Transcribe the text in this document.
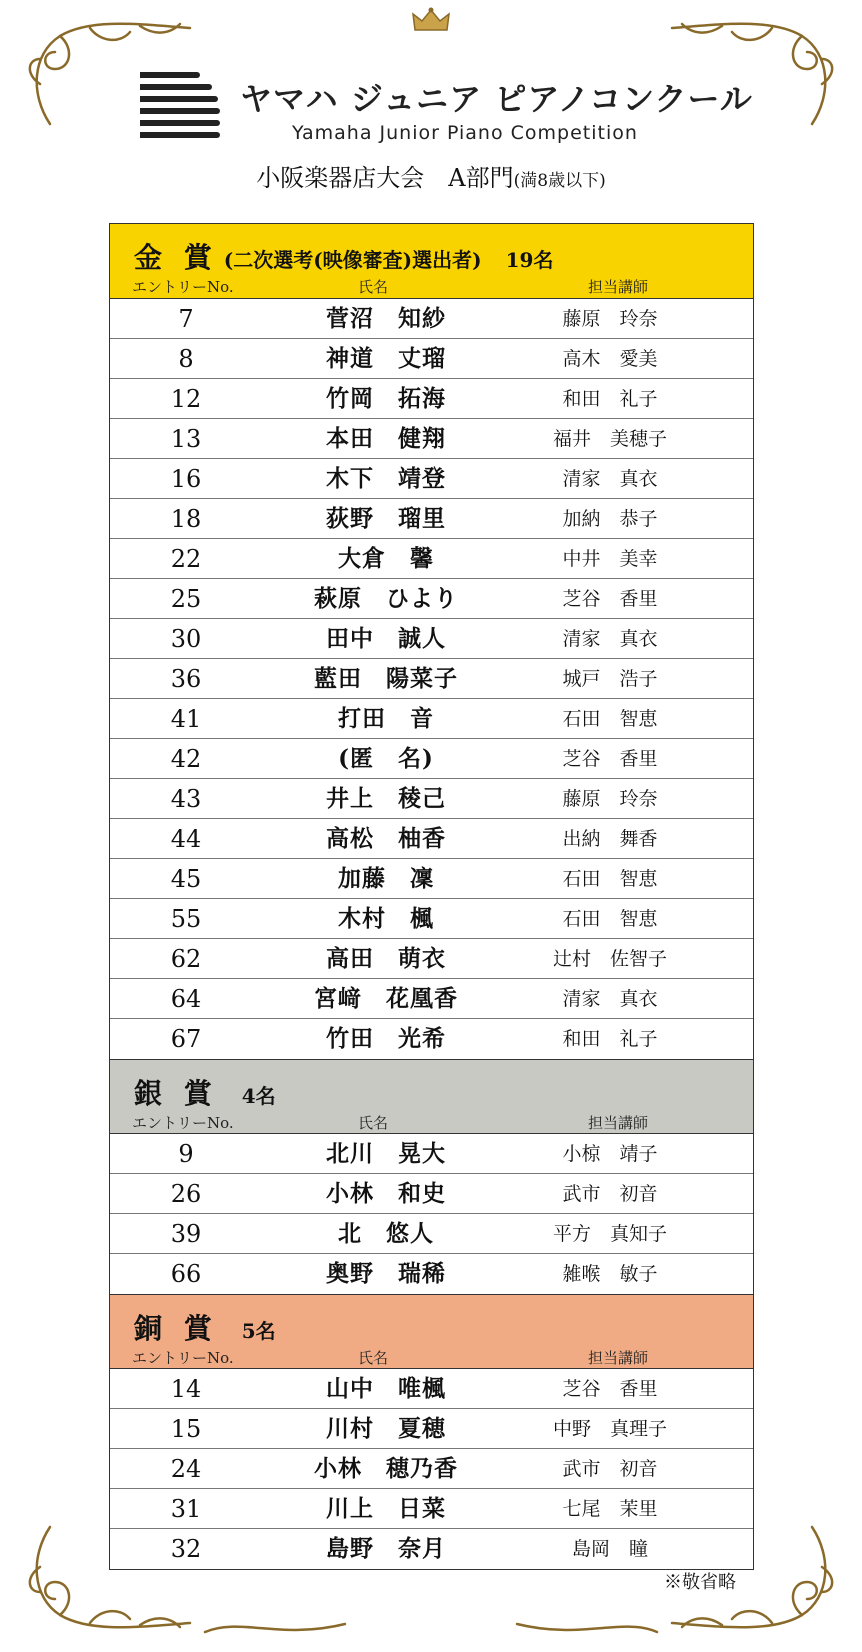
ヤマハ ジュニア ピアノコンクール
Yamaha Junior Piano Competition
小阪楽器店大会　A部門(満8歳以下)
金 賞 (二次選考(映像審査)選出者) 19名
エントリーNo.	氏名	担当講師
7	菅沼　知紗	藤原　玲奈
8	神道　丈瑠	高木　愛美
12	竹岡　拓海	和田　礼子
13	本田　健翔	福井　美穂子
16	木下　靖登	清家　真衣
18	荻野　瑠里	加納　恭子
22	大倉　馨	中井　美幸
25	萩原　ひより	芝谷　香里
30	田中　誠人	清家　真衣
36	藍田　陽菜子	城戸　浩子
41	打田　音	石田　智恵
42	(匿　名)	芝谷　香里
43	井上　稜己	藤原　玲奈
44	高松　柚香	出納　舞香
45	加藤　凜	石田　智恵
55	木村　楓	石田　智恵
62	高田　萌衣	辻村　佐智子
64	宮﨑　花凰香	清家　真衣
67	竹田　光希	和田　礼子
銀 賞 4名
エントリーNo.	氏名	担当講師
9	北川　晃大	小椋　靖子
26	小林　和史	武市　初音
39	北　悠人	平方　真知子
66	奥野　瑞稀	雑喉　敏子
銅 賞 5名
エントリーNo.	氏名	担当講師
14	山中　唯楓	芝谷　香里
15	川村　夏穂	中野　真理子
24	小林　穂乃香	武市　初音
31	川上　日菜	七尾　茉里
32	島野　奈月	島岡　瞳
※敬省略
